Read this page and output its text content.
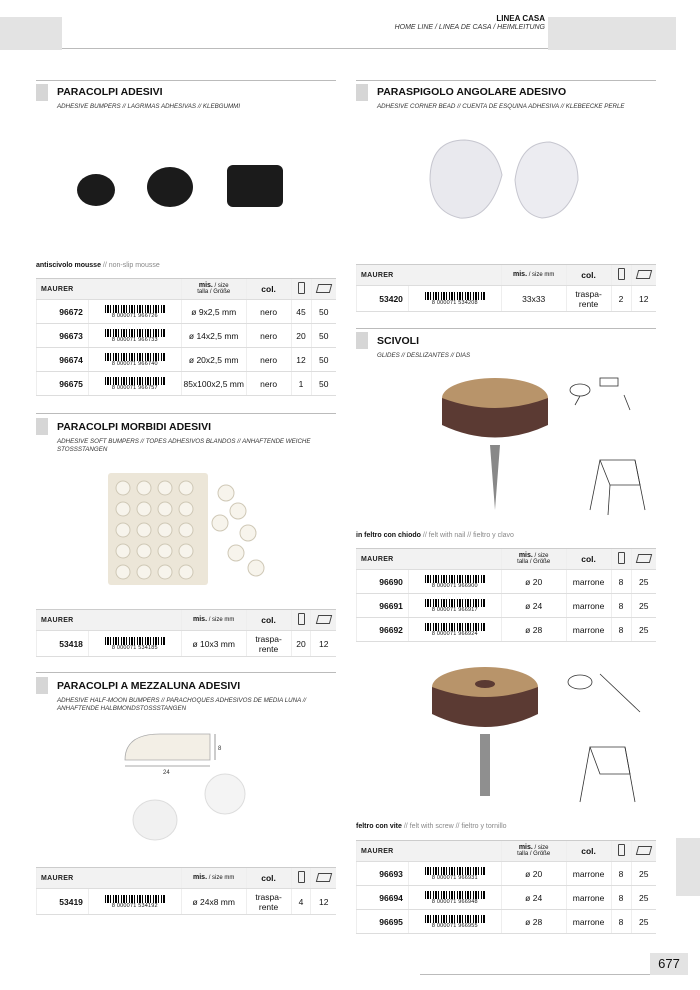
LINEA CASA
HOME LINE / LINEA DE CASA / HEIMLEITUNG
PARACOLPI ADESIVI
ADHESIVE BUMPERS // LAGRIMAS ADHESIVAS // KLEBGUMMI
antiscivolo mousse // non-slip mousse
MAURER		mis. / size
talla / Größe	col.		
96672	8 000071 966726	ø 9x2,5 mm	nero	45	50
96673	8 000071 966733	ø 14x2,5 mm	nero	20	50
96674	8 000071 966740	ø 20x2,5 mm	nero	12	50
96675	8 000071 966757	85x100x2,5 mm	nero	1	50
PARACOLPI MORBIDI ADESIVI
ADHESIVE SOFT BUMPERS // TOPES ADHESIVOS BLANDOS // ANHAFTENDE WEICHE STOSSSTANGEN
MAURER		mis. / size mm	col.		
53418	8 000071 534185	ø 10x3 mm	traspa-rente	20	12
PARACOLPI A MEZZALUNA ADESIVI
ADHESIVE HALF-MOON BUMPERS // PARACHOQUES ADHESIVOS DE MEDIA LUNA // ANHAFTENDE HALBMONDSTOSSSTANGEN
24
8
MAURER		mis. / size mm	col.		
53419	8 000071 534192	ø 24x8 mm	traspa-rente	4	12
PARASPIGOLO ANGOLARE ADESIVO
ADHESIVE CORNER BEAD // CUENTA DE ESQUINA ADHESIVA // KLEBEECKE PERLE
MAURER		mis. / size mm	col.		
53420	8 000071 534208	33x33	traspa-rente	2	12
SCIVOLI
GLIDES // DESLIZANTES // DIAS
in feltro con chiodo // felt with nail // fieltro y clavo
MAURER		mis. / size
talla / Größe	col.		
96690	8 000071 966900	ø 20	marrone	8	25
96691	8 000071 966917	ø 24	marrone	8	25
96692	8 000071 966924	ø 28	marrone	8	25
feltro con vite // felt with screw // fieltro y tornillo
MAURER		mis. / size
talla / Größe	col.		
96693	8 000071 966931	ø 20	marrone	8	25
96694	8 000071 966948	ø 24	marrone	8	25
96695	8 000071 966955	ø 28	marrone	8	25
677
